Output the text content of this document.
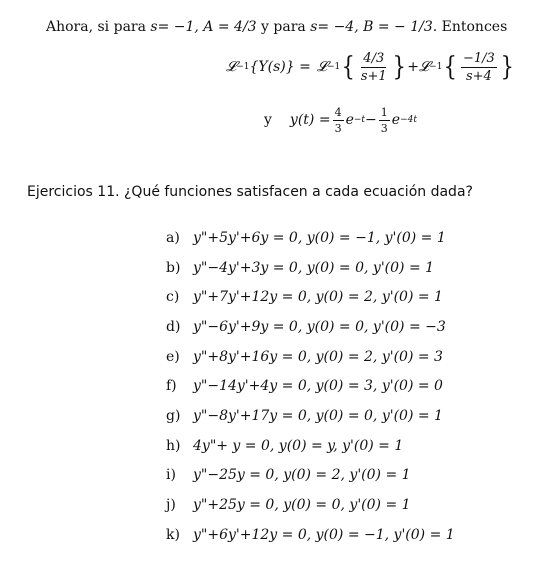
Ahora, si para s= −1, A = 4/3 y para s= −4, B = − 1/3. Entonces
𝓛 −1 {Y(s)} = 𝓛 −1 { $\frac{4/3}{s+1}$ } + 𝓛 −1 { $\frac{-1/3}{s+4}$ }
y $y(t) = \frac{4}{3}$ $e -t - \frac{1}{3}$ e −4t
Ejercicios 11. ¿Qué funciones satisfacen a cada ecuación dada?
a) y"+5y'+6y = 0, y(0) = −1, y'(0) = 1
b) y"−4y'+3y = 0, y(0) = 0, y'(0) = 1
c) y"+7y'+12y = 0, y(0) = 2, y'(0) = 1
d) y"−6y'+9y = 0, y(0) = 0, y'(0) = −3
e) y"+8y'+16y = 0, y(0) = 2, y'(0) = 3
f)	y"−14y'+4y = 0, y(0) = 3, y'(0) = 0
g) y"−8y'+17y = 0, y(0) = 0, y'(0) = 1
h) 4y"+ y = 0, y(0) = y, y'(0) = 1
i)	y"−25y = 0, y(0) = 2, y'(0) = 1
j)	y"+25y = 0, y(0) = 0, y'(0) = 1
k) y"+6y'+12y = 0, y(0) = −1, y'(0) = 1
